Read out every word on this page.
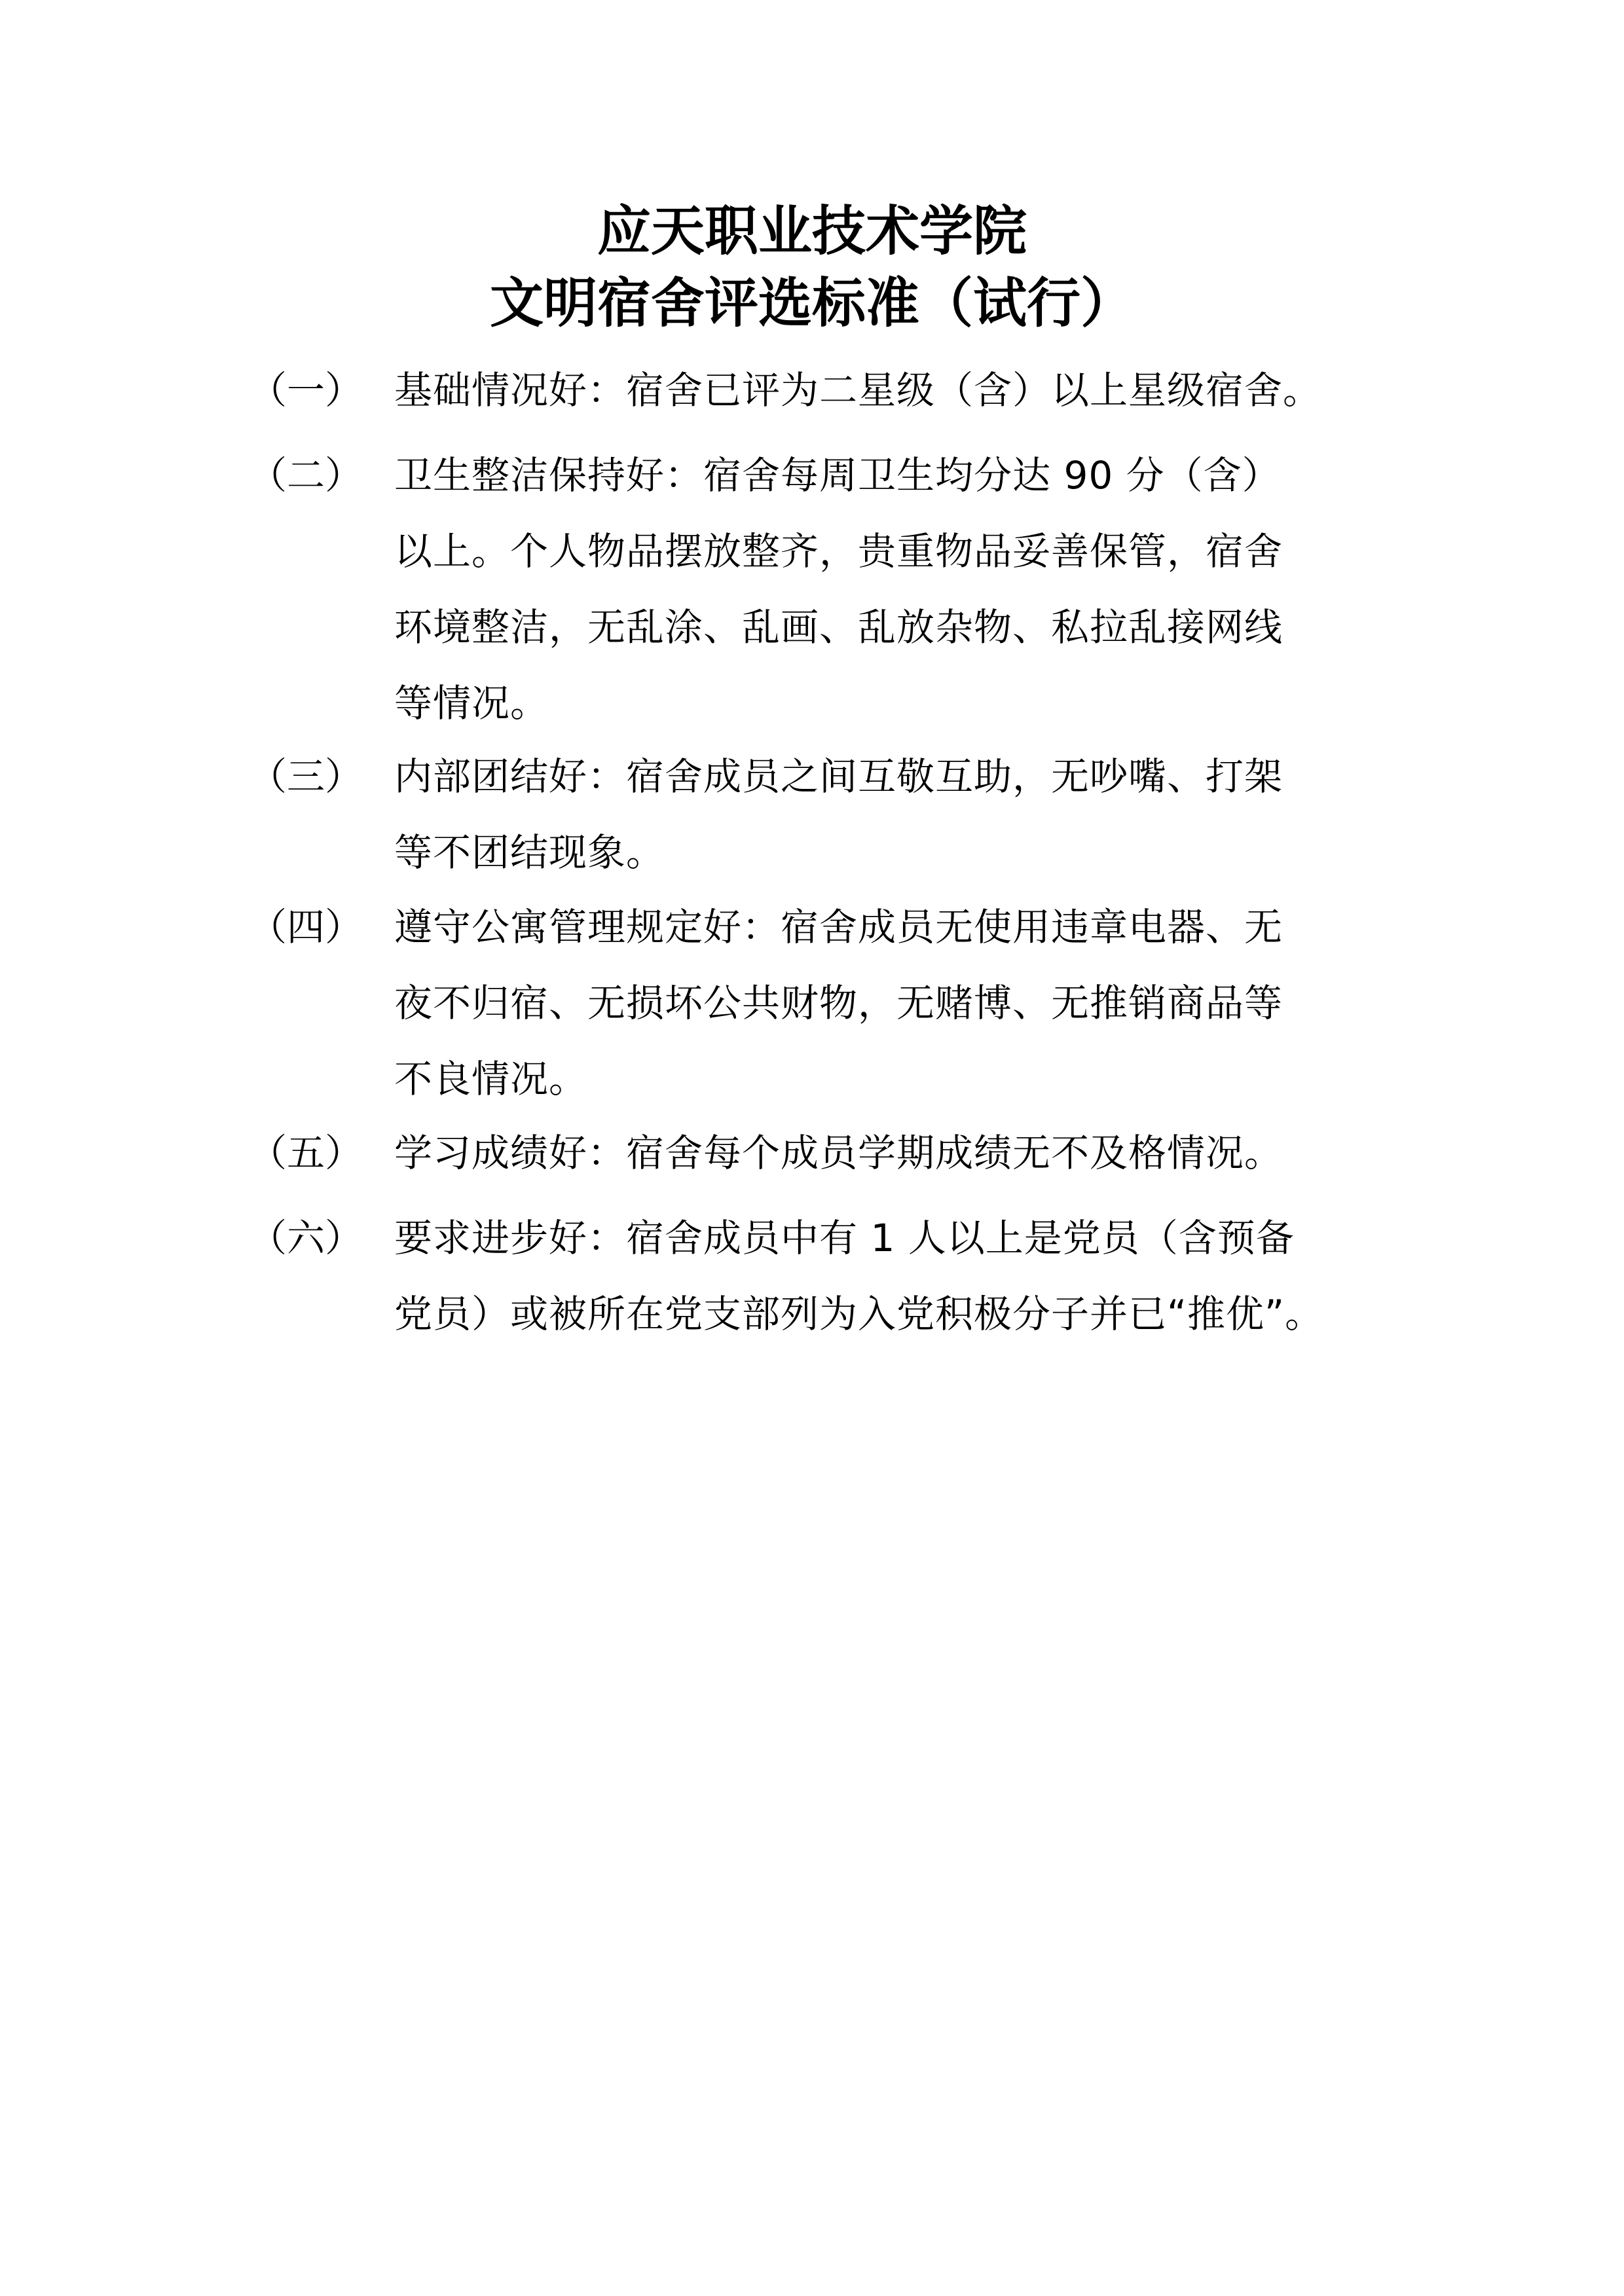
应天职业技术学院
文明宿舍评选标准（试行）
（一） 基础情况好：宿舍已评为二星级（含）以上星级宿舍。
（二） 卫生整洁保持好：宿舍每周卫生均分达 90 分（含）
以上。个人物品摆放整齐，贵重物品妥善保管，宿舍
环境整洁，无乱涂、乱画、乱放杂物、私拉乱接网线
等情况。
（三） 内部团结好：宿舍成员之间互敬互助，无吵嘴、打架
等不团结现象。
（四） 遵守公寓管理规定好：宿舍成员无使用违章电器、无
夜不归宿、无损坏公共财物，无赌博、无推销商品等
不良情况。
（五） 学习成绩好：宿舍每个成员学期成绩无不及格情况。
（六） 要求进步好：宿舍成员中有 1 人以上是党员（含预备
党员）或被所在党支部列为入党积极分子并已“推优”。
